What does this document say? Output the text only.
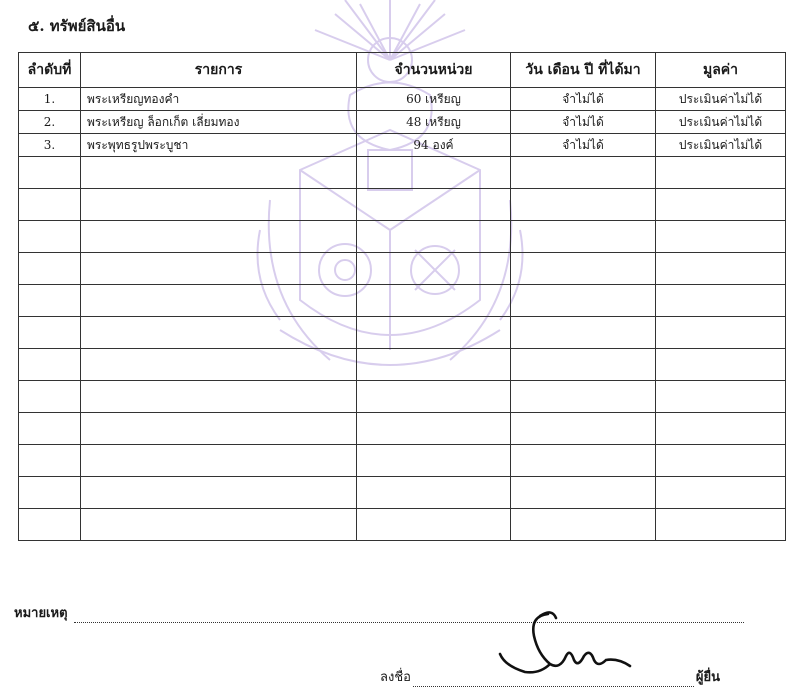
๕. ทรัพย์สินอื่น
ลำดับที่	รายการ	จำนวนหน่วย	วัน เดือน ปี ที่ได้มา	มูลค่า
1.	พระเหรียญทองคำ	60 เหรียญ	จำไม่ได้	ประเมินค่าไม่ได้
2.	พระเหรียญ ล็อกเก็ต เลี่ยมทอง	48 เหรียญ	จำไม่ได้	ประเมินค่าไม่ได้
3.	พระพุทธรูปพระบูชา	94 องค์	จำไม่ได้	ประเมินค่าไม่ได้

หมายเหตุ
ลงชื่อ	ผู้ยื่น
